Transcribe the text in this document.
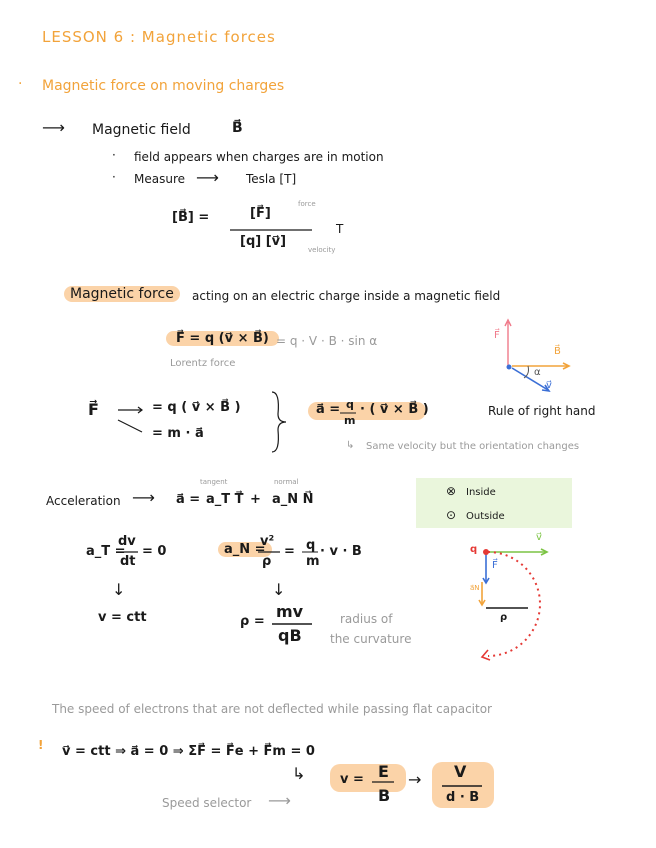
LESSON 6 : Magnetic forces
· Magnetic force on moving charges
⟶ Magnetic field	B⃗
· field appears when charges are in motion
· Measure ⟶ Tesla [T]
[B⃗] =	[F⃗]
force
[q] [v⃗]
velocity
T
Magnetic force	acting on an electric charge inside a magnetic field
F⃗ = q (v⃗ × B⃗) = q · V · B · sin α
Lorentz force
F⃗	= q ( v⃗ × B⃗ )
= m · a⃗
a⃗ = q
m
· ( v⃗ × B⃗ )
↳ Same velocity but the orientation changes
F⃗
B⃗
v⃗
α
Rule of right hand
Acceleration ⟶ a⃗ = a_T T⃗ + a_N N⃗
tangent	normal
⊗ Inside
⊙ Outside
a_T =
dv
dt
= 0	a_N =
v²
ρ
= q
m
· v · B
↓	↓
v = ctt	ρ =
mv
qB
radius of
the curvature
q
v⃗
F⃗
a⃗N
ρ
The speed of electrons that are not deflected while passing flat capacitor
! v⃗ = ctt ⇒ a⃗ = 0 ⇒ ΣF⃗ = F⃗e + F⃗m = 0
↳	v = E
B
→ V
d · B
Speed selector ⟶
